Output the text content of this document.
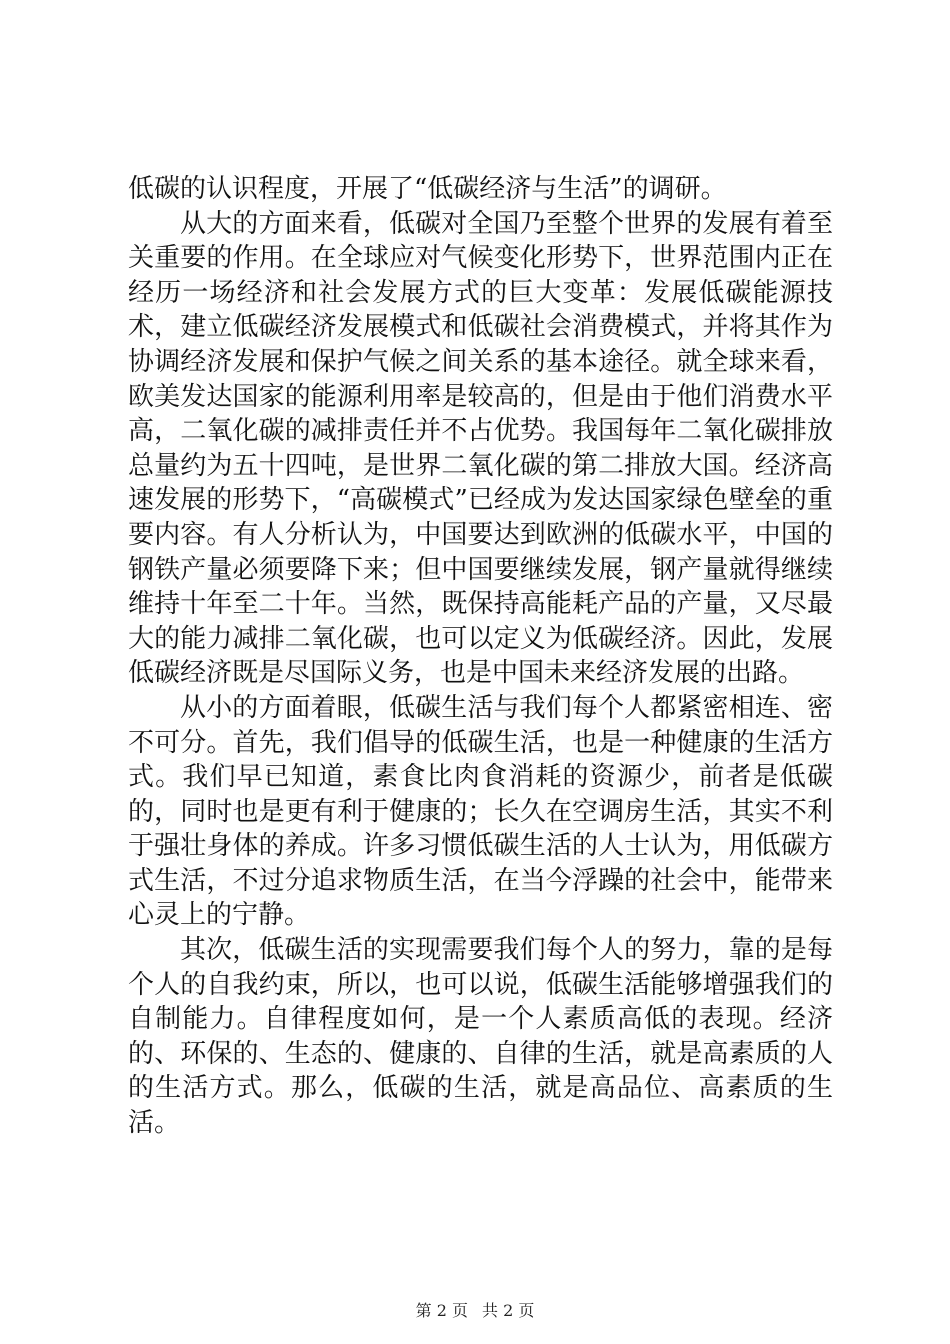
低碳的认识程度，开展了“低碳经济与生活”的调研。

从大的方面来看，低碳对全国乃至整个世界的发展有着至关重要的作用。在全球应对气候变化形势下，世界范围内正在经历一场经济和社会发展方式的巨大变革：发展低碳能源技术，建立低碳经济发展模式和低碳社会消费模式，并将其作为协调经济发展和保护气候之间关系的基本途径。就全球来看，欧美发达国家的能源利用率是较高的，但是由于他们消费水平高，二氧化碳的减排责任并不占优势。我国每年二氧化碳排放总量约为五十四吨，是世界二氧化碳的第二排放大国。经济高速发展的形势下，“高碳模式”已经成为发达国家绿色壁垒的重要内容。有人分析认为，中国要达到欧洲的低碳水平，中国的钢铁产量必须要降下来；但中国要继续发展，钢产量就得继续维持十年至二十年。当然，既保持高能耗产品的产量，又尽最大的能力减排二氧化碳，也可以定义为低碳经济。因此，发展低碳经济既是尽国际义务，也是中国未来经济发展的出路。

从小的方面着眼，低碳生活与我们每个人都紧密相连、密不可分。首先，我们倡导的低碳生活，也是一种健康的生活方式。我们早已知道，素食比肉食消耗的资源少，前者是低碳的，同时也是更有利于健康的；长久在空调房生活，其实不利于强壮身体的养成。许多习惯低碳生活的人士认为，用低碳方式生活，不过分追求物质生活，在当今浮躁的社会中，能带来心灵上的宁静。

其次，低碳生活的实现需要我们每个人的努力，靠的是每个人的自我约束，所以，也可以说，低碳生活能够增强我们的自制能力。自律程度如何，是一个人素质高低的表现。经济的、环保的、生态的、健康的、自律的生活，就是高素质的人的生活方式。那么，低碳的生活，就是高品位、高素质的生活。

第 2 页 共 2 页
